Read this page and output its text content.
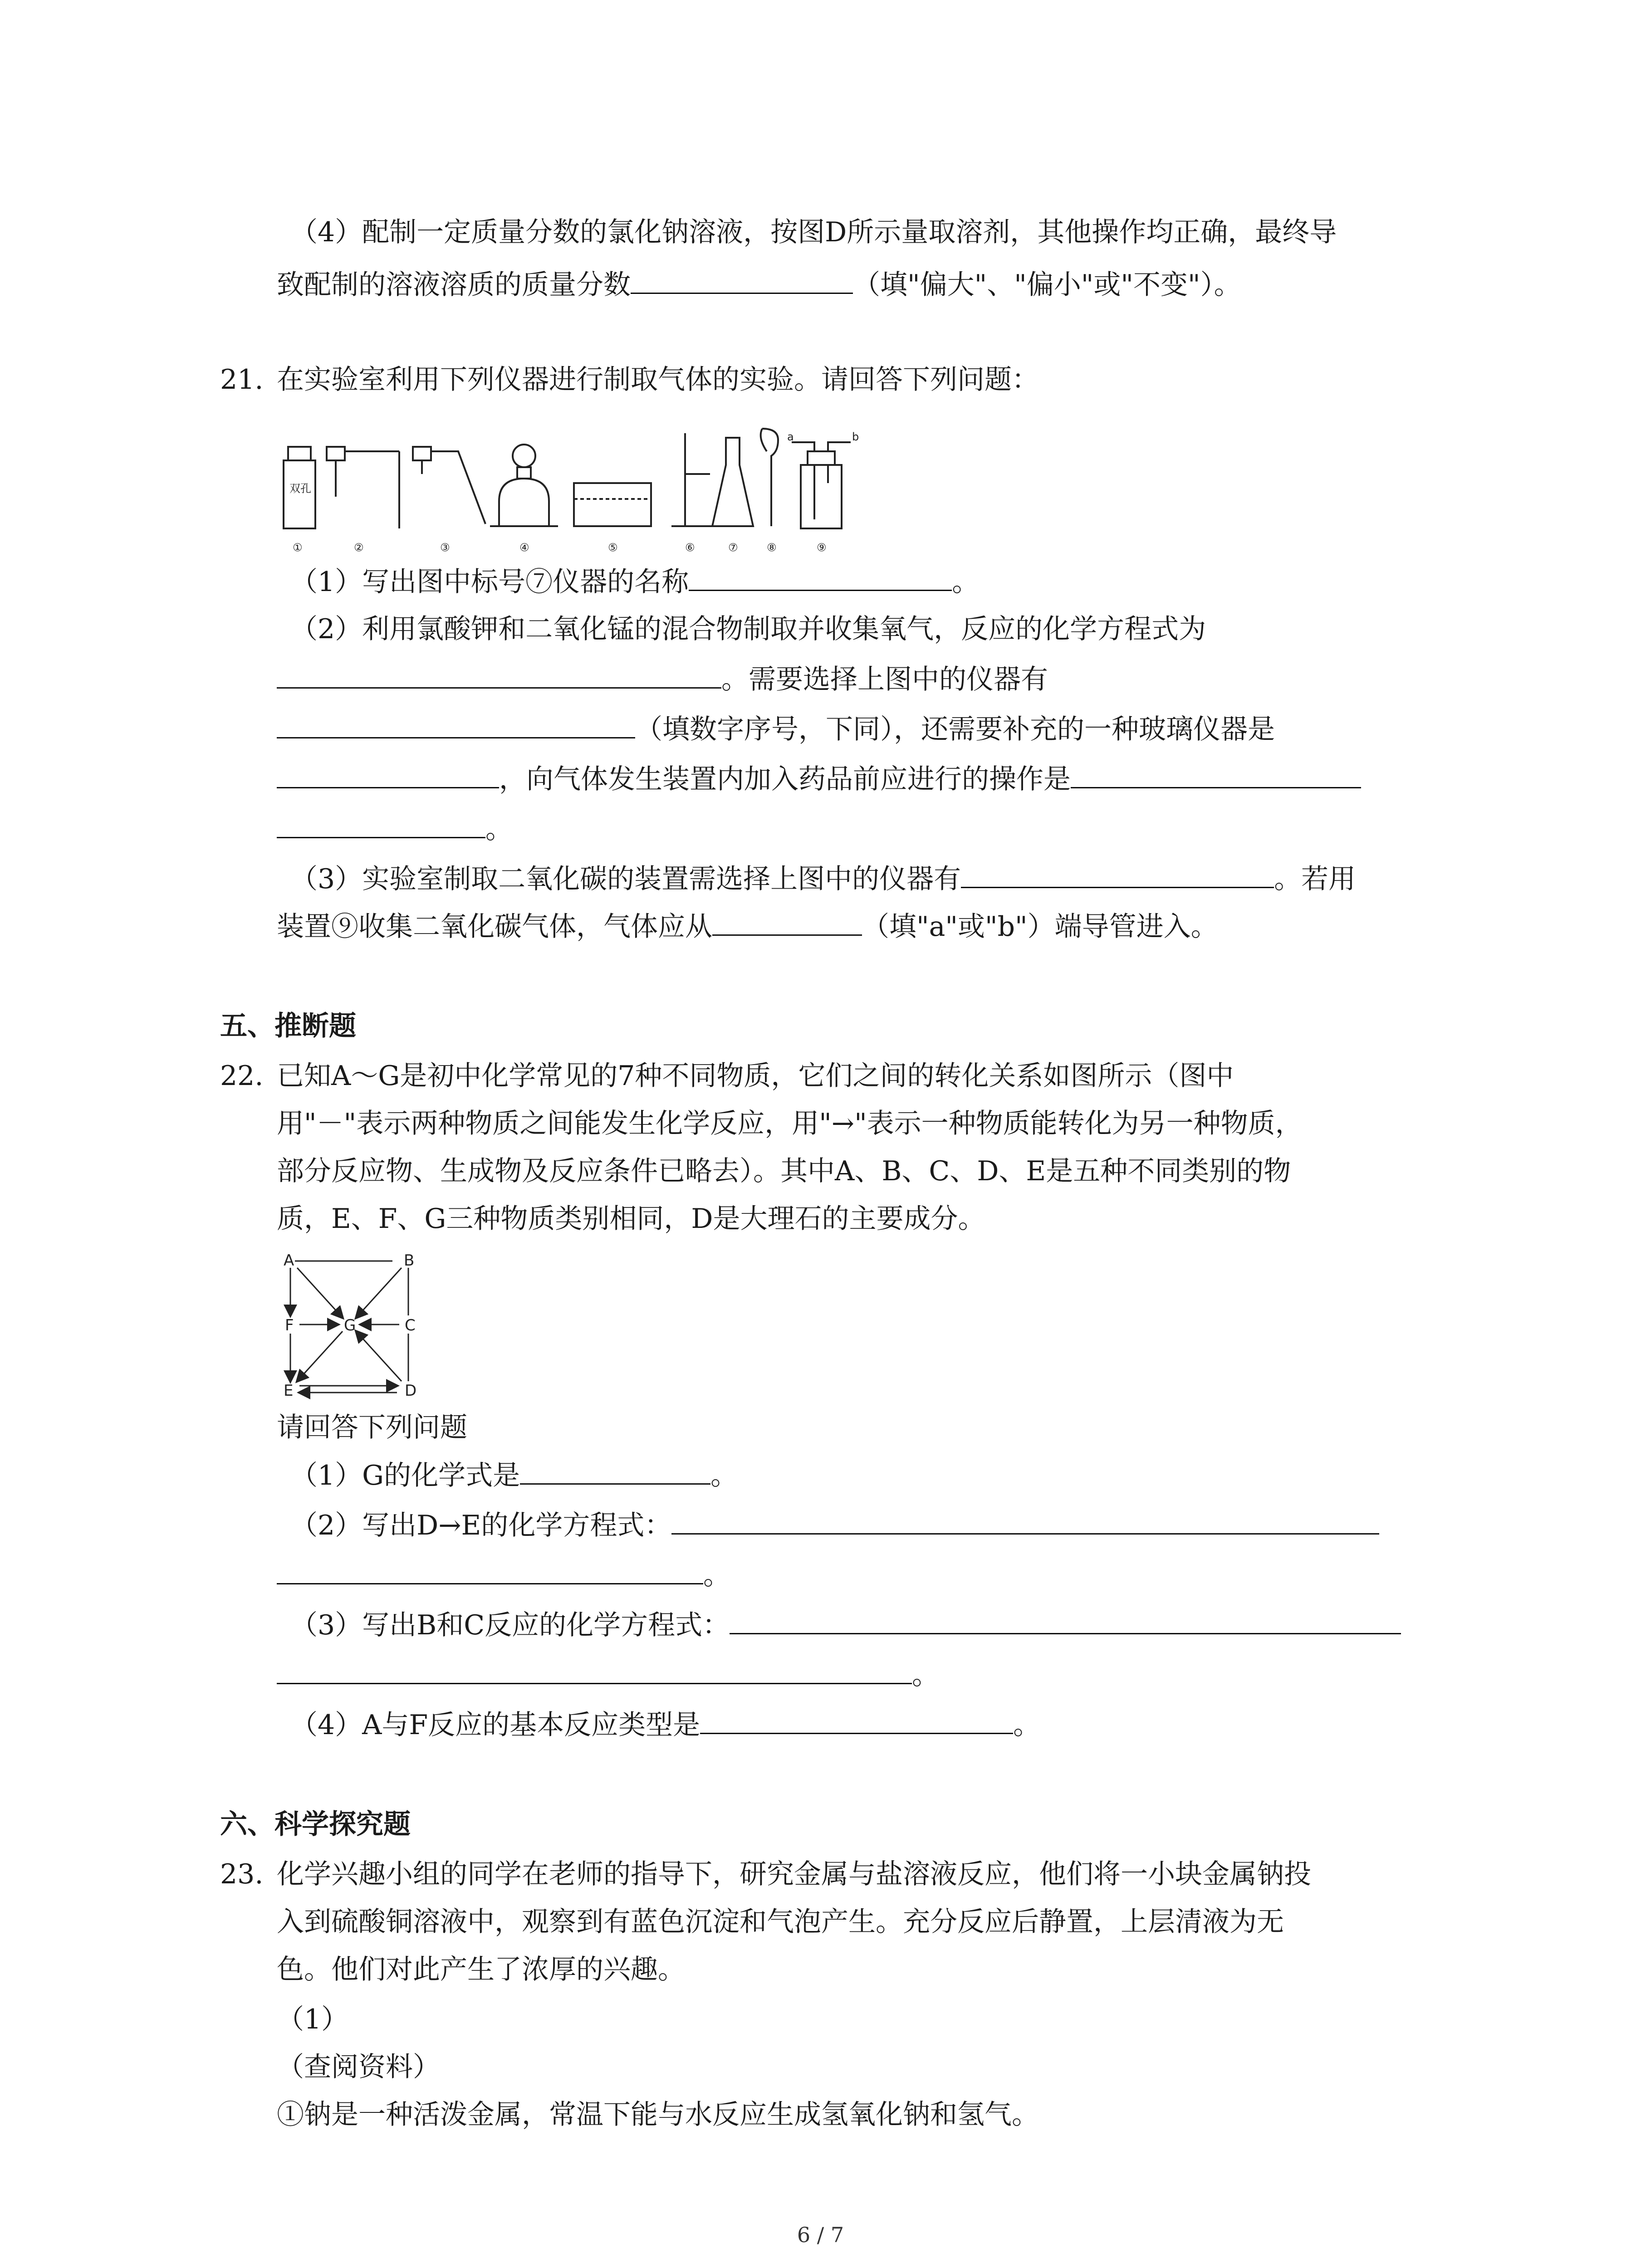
（4）配制一定质量分数的氯化钠溶液，按图D所示量取溶剂，其他操作均正确，最终导
致配制的溶液溶质的质量分数	（填"偏大"、"偏小"或"不变"）。
21. 在实验室利用下列仪器进行制取气体的实验。请回答下列问题：
双孔
①	②	③	④	⑤	⑥	⑦	⑧	⑨
a	b
（1）写出图中标号⑦仪器的名称	。
（2）利用氯酸钾和二氧化锰的混合物制取并收集氧气，反应的化学方程式为
。需要选择上图中的仪器有
（填数字序号，下同），还需要补充的一种玻璃仪器是
，向气体发生装置内加入药品前应进行的操作是
。
（3）实验室制取二氧化碳的装置需选择上图中的仪器有	。若用
装置⑨收集二氧化碳气体，气体应从	（填"a"或"b"）端导管进入。
五、推断题
22. 已知A～G是初中化学常见的7种不同物质，它们之间的转化关系如图所示（图中
用"－"表示两种物质之间能发生化学反应，用"→"表示一种物质能转化为另一种物质，
部分反应物、生成物及反应条件已略去）。其中A、B、C、D、E是五种不同类别的物
质，E、F、G三种物质类别相同，D是大理石的主要成分。
A	B
C
D
E
F	G
请回答下列问题
（1）G的化学式是	。
（2）写出D→E的化学方程式：
。
（3）写出B和C反应的化学方程式：
。
（4）A与F反应的基本反应类型是	。
六、科学探究题
23. 化学兴趣小组的同学在老师的指导下，研究金属与盐溶液反应，他们将一小块金属钠投
入到硫酸铜溶液中，观察到有蓝色沉淀和气泡产生。充分反应后静置，上层清液为无
色。他们对此产生了浓厚的兴趣。
（1）
（查阅资料）
①钠是一种活泼金属，常温下能与水反应生成氢氧化钠和氢气。
6 / 7
